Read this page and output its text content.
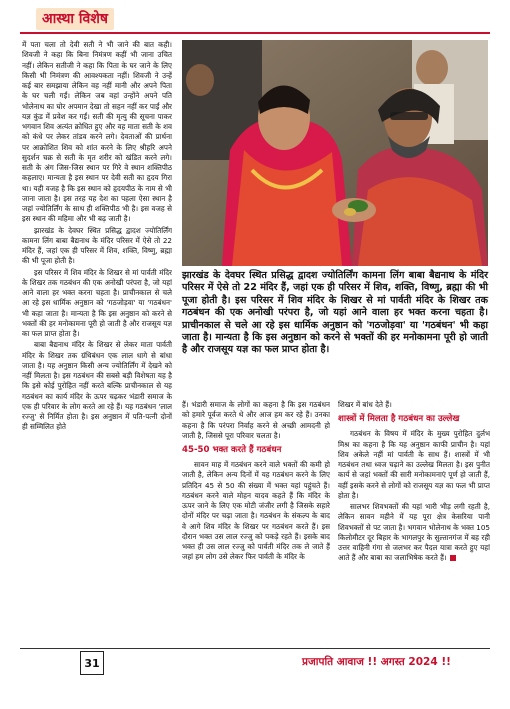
आस्था विशेष

में पता चला तो देवी सती ने भी जाने की बात कही। शिवजी ने कहा कि बिना निमंत्रण कहीं भी जाना उचित नहीं। लेकिन सतीजी ने कहा कि पिता के घर जाने के लिए किसी भी निमंत्रण की आवश्यकता नहीं। शिवजी ने उन्हें कई बार समझाया लेकिन वह नहीं मानी और अपने पिता के घर चली गईं। लेकिन जब वहां उन्होंने अपने पति भोलेनाथ का घोर अपमान देखा तो सहन नहीं कर पाईं और यज्ञ कुंड में प्रवेश कर गईं। सती की मृत्यु की सूचना पाकर भगवान शिव अत्यंत क्रोधित हुए और वह माता सती के शव को कंधे पर लेकर तांडव करने लगे। देवताओं की प्रार्थना पर आक्रोशित शिव को शांत करने के लिए श्रीहरि अपने सुदर्शन चक्र से सती के मृत शरीर को खंडित करने लगे। सती के अंग जिस-जिस स्थान पर गिरे वे स्थान शक्तिपीठ कहलाए। मान्यता है इस स्थान पर देवी सती का हृदय गिरा था। यही वजह है कि इस स्थान को हृदयपीठ के नाम से भी जाना जाता है। इस तरह यह देश का पहला ऐसा स्थान है जहां ज्योतिर्लिंग के साथ ही शक्तिपीठ भी है। इस वजह से इस स्थान की महिमा और भी बढ़ जाती है।

झारखंड के देवघर स्थित प्रसिद्ध द्वादश ज्योतिर्लिंग कामना लिंग बाबा बैद्यनाथ के मंदिर परिसर में ऐसे तो 22 मंदिर हैं, जहां एक ही परिसर में शिव, शक्ति, विष्णु, ब्रह्मा की भी पूजा होती है।

इस परिसर में शिव मंदिर के शिखर से मां पार्वती मंदिर के शिखर तक गठबंधन की एक अनोखी परंपरा है, जो यहां आने वाला हर भक्त करना चहता है। प्राचीनकाल से चले आ रहे इस धार्मिक अनुष्ठान को 'गठजोड़वा' या 'गठबंधन' भी कहा जाता है। मान्यता है कि इस अनुष्ठान को करने से भक्तों की हर मनोकामना पूरी हो जाती है और राजसूय यज्ञ का फल प्राप्त होता है।

बाबा बैद्यनाथ मंदिर के शिखर से लेकर माता पार्वती मंदिर के शिखर तक ग्रंथिबंधन एक लाल धागे से बांधा जाता है। यह अनुष्ठान किसी अन्य ज्योतिर्लिंग में देखने को नहीं मिलता है। इस गठबंधन की सबसे बड़ी विशेषता यह है कि इसे कोई पुरोहित नहीं करते बल्कि प्राचीनकाल से यह गठबंधन का कार्य मंदिर के ऊपर चढ़कर भंडारी समाज के एक ही परिवार के लोग करते आ रहे हैं। यह गठबंधन 'लाल रज्जु' से निर्मित होता है। इस अनुष्ठान में पति-पत्नी दोनों ही सम्मिलित होते

झारखंड के देवघर स्थित प्रसिद्ध द्वादश ज्योतिर्लिंग कामना लिंग बाबा बैद्यनाथ के मंदिर परिसर में ऐसे तो 22 मंदिर हैं, जहां एक ही परिसर में शिव, शक्ति, विष्णु, ब्रह्मा की भी पूजा होती है। इस परिसर में शिव मंदिर के शिखर से मां पार्वती मंदिर के शिखर तक गठबंधन की एक अनोखी परंपरा है, जो यहां आने वाला हर भक्त करना चहता है। प्राचीनकाल से चले आ रहे इस धार्मिक अनुष्ठान को 'गठजोड़वा' या 'गठबंधन' भी कहा जाता है। मान्यता है कि इस अनुष्ठान को करने से भक्तों की हर मनोकामना पूरी हो जाती है और राजसूय यज्ञ का फल प्राप्त होता है।

हैं। भंडारी समाज के लोगों का कहना है कि इस गठबंधन को हमारे पूर्वज करते थे और आज हम कर रहे हैं। उनका कहना है कि परंपरा निर्वाह करने से अच्छी आमदनी हो जाती है, जिससे पूरा परिवार चलता है।

45-50 भक्त करते हैं गठबंधन

सावन माह में गठबंधन करने वाले भक्तों की कमी हो जाती है, लेकिन अन्य दिनों में यह गठबंधन करने के लिए प्रतिदिन 45 से 50 की संख्या में भक्त यहां पहुंचते हैं। गठबंधन करने वाले मोहन यादव कहते हैं कि मंदिर के ऊपर जाने के लिए एक मोटी जंजीर लगी है जिसके सहारे दोनों मंदिर पर चढ़ा जाता है। गठबंधन के संकल्प के बाद वे आगे शिव मंदिर के शिखर पर गठबंधन करते हैं। इस दौरान भक्त उस लाल रज्जु को पकड़े रहते हैं। इसके बाद भक्त ही उस लाल रज्जु को पार्वती मंदिर तक ले जाते हैं जहां हम लोग उसे लेकर फिर पार्वती के मंदिर के

शिखर में बांध देते हैं।

शास्त्रों में मिलता है गठबंधन का उल्लेख

गठबंधन के विषय में मंदिर के मुख्य पुरोहित दुर्लभ मिश्र का कहना है कि यह अनुष्ठान काफी प्राचीन है। यहां शिव अकेले नहीं मां पार्वती के साथ हैं। शास्त्रों में भी गठबंधन तथा ध्वज चढ़ाने का उल्लेख मिलता है। इस पुनीत कार्य से जहां भक्तों की सारी मनोकामनाएं पूर्ण हो जाती हैं, वहीं इसके करने से लोगों को राजसूय यज्ञ का फल भी प्राप्त होता है।

सालभर शिवभक्तों की यहां भारी भीड़ लगी रहती है, लेकिन सावन महीने में यह पूरा क्षेत्र केसरिया पानी शिवभक्तों से पट जाता है। भगवान भोलेनाथ के भक्त 105 किलोमीटर दूर बिहार के भागलपुर के सुल्तानगंज में बह रही उत्तर वाहिनी गंगा से जलभर कर पैदल यात्रा करते हुए यहां आते हैं और बाबा का जलाभिषेक करते हैं।

31	प्रजापति आवाज !! अगस्त 2024 !!
